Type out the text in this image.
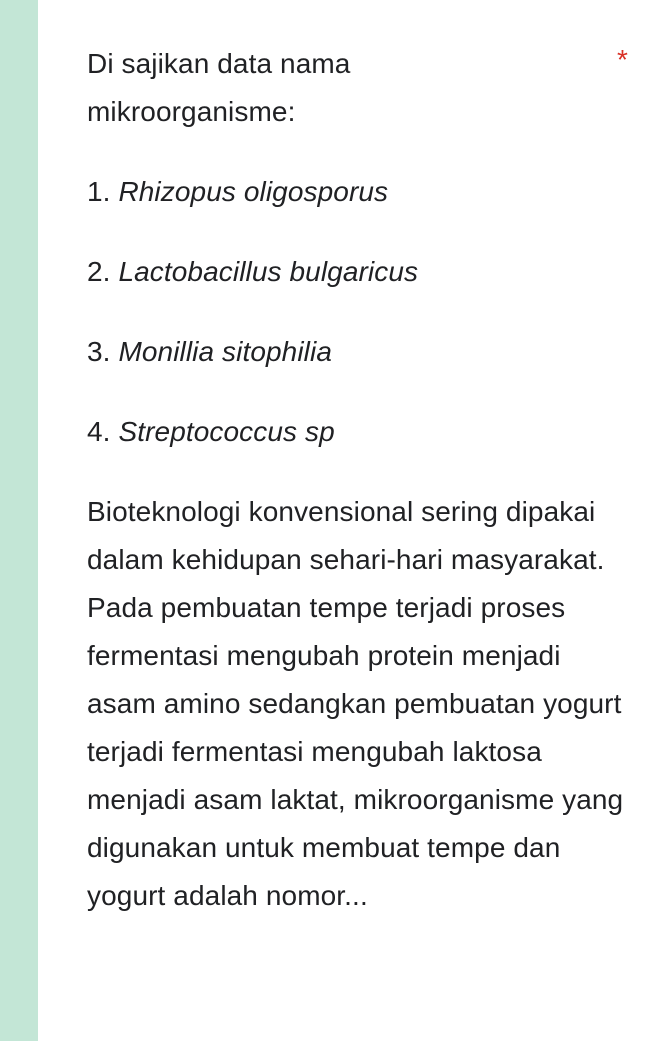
*

Di sajikan data nama mikroorganisme:

1. Rhizopus oligosporus

2. Lactobacillus bulgaricus

3. Monillia sitophilia

4. Streptococcus sp

Bioteknologi konvensional sering dipakai dalam kehidupan sehari-hari masyarakat. Pada pembuatan tempe terjadi proses fermentasi mengubah protein menjadi asam amino sedangkan pembuatan yogurt terjadi fermentasi mengubah laktosa menjadi asam laktat, mikroorganisme yang digunakan untuk membuat tempe dan yogurt adalah nomor...
